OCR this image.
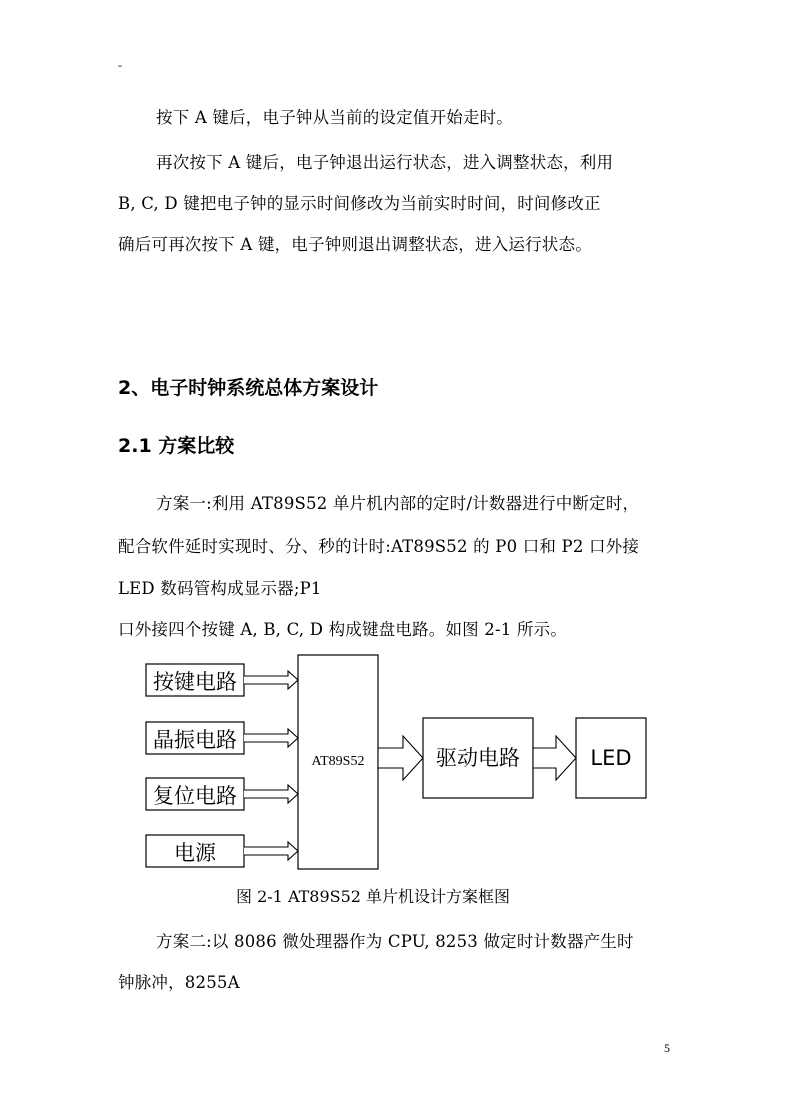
-
按下 A 键后，电子钟从当前的设定值开始走时。
再次按下 A 键后，电子钟退出运行状态，进入调整状态，利用
B, C, D 键把电子钟的显示时间修改为当前实时时间，时间修改正
确后可再次按下 A 键，电子钟则退出调整状态，进入运行状态。
2、电子时钟系统总体方案设计
2.1 方案比较
方案一:利用 AT89S52 单片机内部的定时/计数器进行中断定时，
配合软件延时实现时、分、秒的计时:AT89S52 的 P0 口和 P2 口外接
LED 数码管构成显示器;P1
口外接四个按键 A, B, C, D 构成键盘电路。如图 2-1 所示。
按键电路
晶振电路
复位电路
电源
AT89S52	驱动电路	LED
图 2-1 AT89S52 单片机设计方案框图
方案二:以 8086 微处理器作为 CPU, 8253 做定时计数器产生时
钟脉冲，8255A
5
